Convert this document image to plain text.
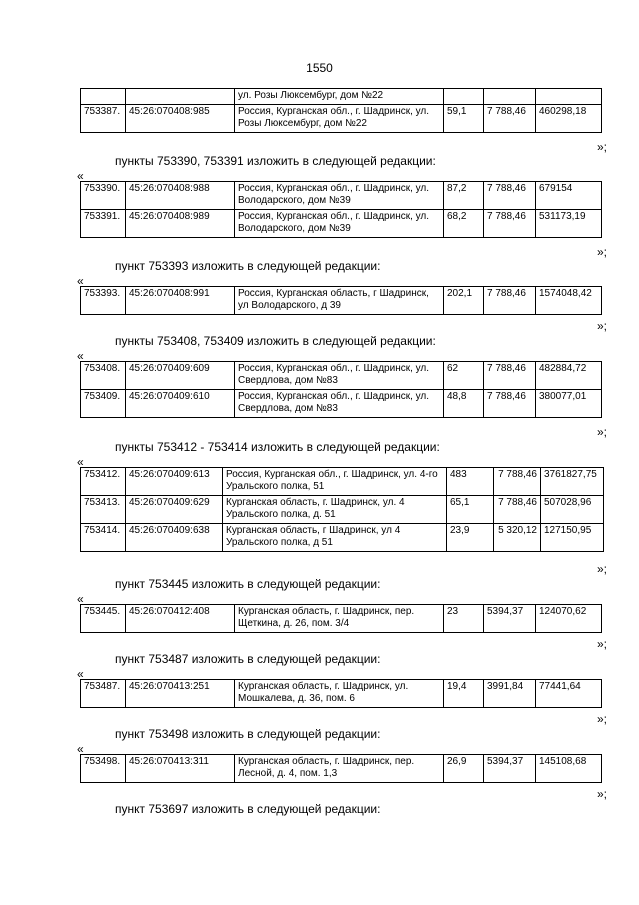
1550
		ул. Розы Люксембург, дом №22			
753387.	45:26:070408:985	Россия, Курганская обл., г. Шадринск, ул. Розы Люксембург, дом №22	59,1	7 788,46	460298,18
»;
пункты 753390, 753391 изложить в следующей редакции:
«
753390.	45:26:070408:988	Россия, Курганская обл., г. Шадринск, ул. Володарского, дом №39	87,2	7 788,46	679154
753391.	45:26:070408:989	Россия, Курганская обл., г. Шадринск, ул. Володарского, дом №39	68,2	7 788,46	531173,19
»;
пункт 753393 изложить в следующей редакции:
«
753393.	45:26:070408:991	Россия, Курганская область, г Шадринск, ул Володарского, д 39	202,1	7 788,46	1574048,42
»;
пункты 753408, 753409 изложить в следующей редакции:
«
753408.	45:26:070409:609	Россия, Курганская обл., г. Шадринск, ул. Свердлова, дом №83	62	7 788,46	482884,72
753409.	45:26:070409:610	Россия, Курганская обл., г. Шадринск, ул. Свердлова, дом №83	48,8	7 788,46	380077,01
»;
пункты 753412 - 753414 изложить в следующей редакции:
«
753412.	45:26:070409:613	Россия, Курганская обл., г. Шадринск, ул. 4-го Уральского полка, 51	483	7 788,46	3761827,75
753413.	45:26:070409:629	Курганская область, г. Шадринск, ул. 4 Уральского полка, д. 51	65,1	7 788,46	507028,96
753414.	45:26:070409:638	Курганская область, г Шадринск, ул 4 Уральского полка, д 51	23,9	5 320,12	127150,95
»;
пункт 753445 изложить в следующей редакции:
«
753445.	45:26:070412:408	Курганская область, г. Шадринск, пер. Щеткина, д. 26, пом. 3/4	23	5394,37	124070,62
»;
пункт 753487 изложить в следующей редакции:
«
753487.	45:26:070413:251	Курганская область, г. Шадринск, ул. Мошкалева, д. 36, пом. 6	19,4	3991,84	77441,64
»;
пункт 753498 изложить в следующей редакции:
«
753498.	45:26:070413:311	Курганская область, г. Шадринск, пер. Лесной, д. 4, пом. 1,3	26,9	5394,37	145108,68
»;
пункт 753697 изложить в следующей редакции:
